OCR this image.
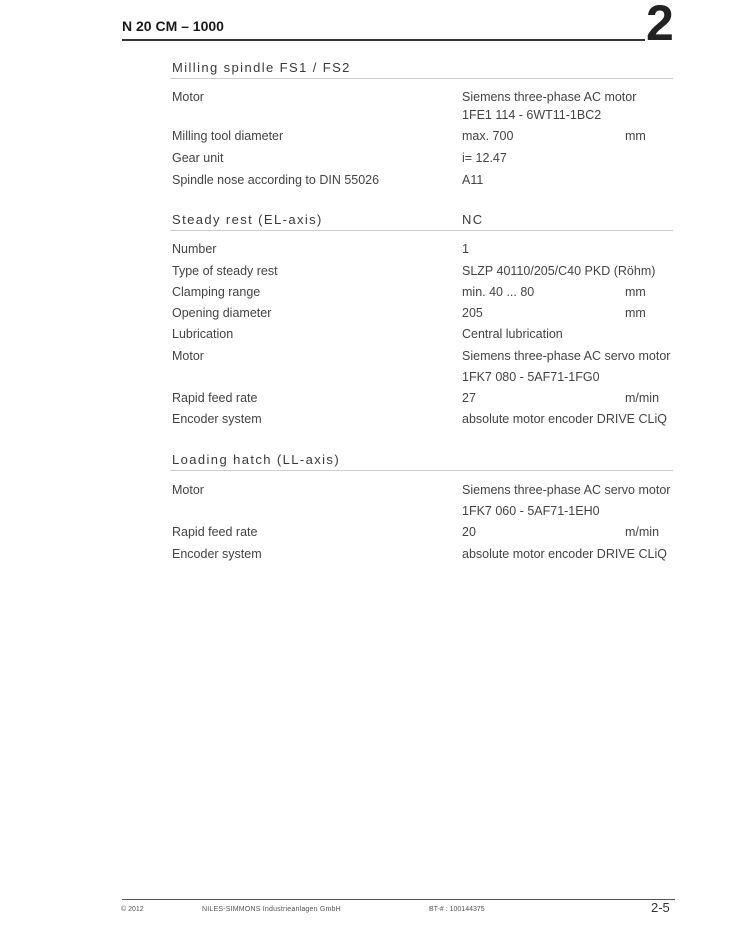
N 20 CM – 1000	2
Milling spindle FS1 / FS2
Motor	Siemens three-phase AC motor
1FE1 114 - 6WT11-1BC2
Milling tool diameter	max. 700	mm
Gear unit	i= 12.47
Spindle nose according to DIN 55026	A11
Steady rest (EL-axis)	NC
Number	1
Type of steady rest	SLZP 40110/205/C40 PKD (Röhm)
Clamping range	min. 40 ... 80	mm
Opening diameter	205	mm
Lubrication	Central lubrication
Motor	Siemens three-phase AC servo motor
1FK7 080 - 5AF71-1FG0
Rapid feed rate	27	m/min
Encoder system	absolute motor encoder DRIVE CLiQ
Loading hatch (LL-axis)
Motor	Siemens three-phase AC servo motor
1FK7 060 - 5AF71-1EH0
Rapid feed rate	20	m/min
Encoder system	absolute motor encoder DRIVE CLiQ
© 2012	NILES-SIMMONS Industrieanlagen GmbH	BT-# : 100144375	2-5
